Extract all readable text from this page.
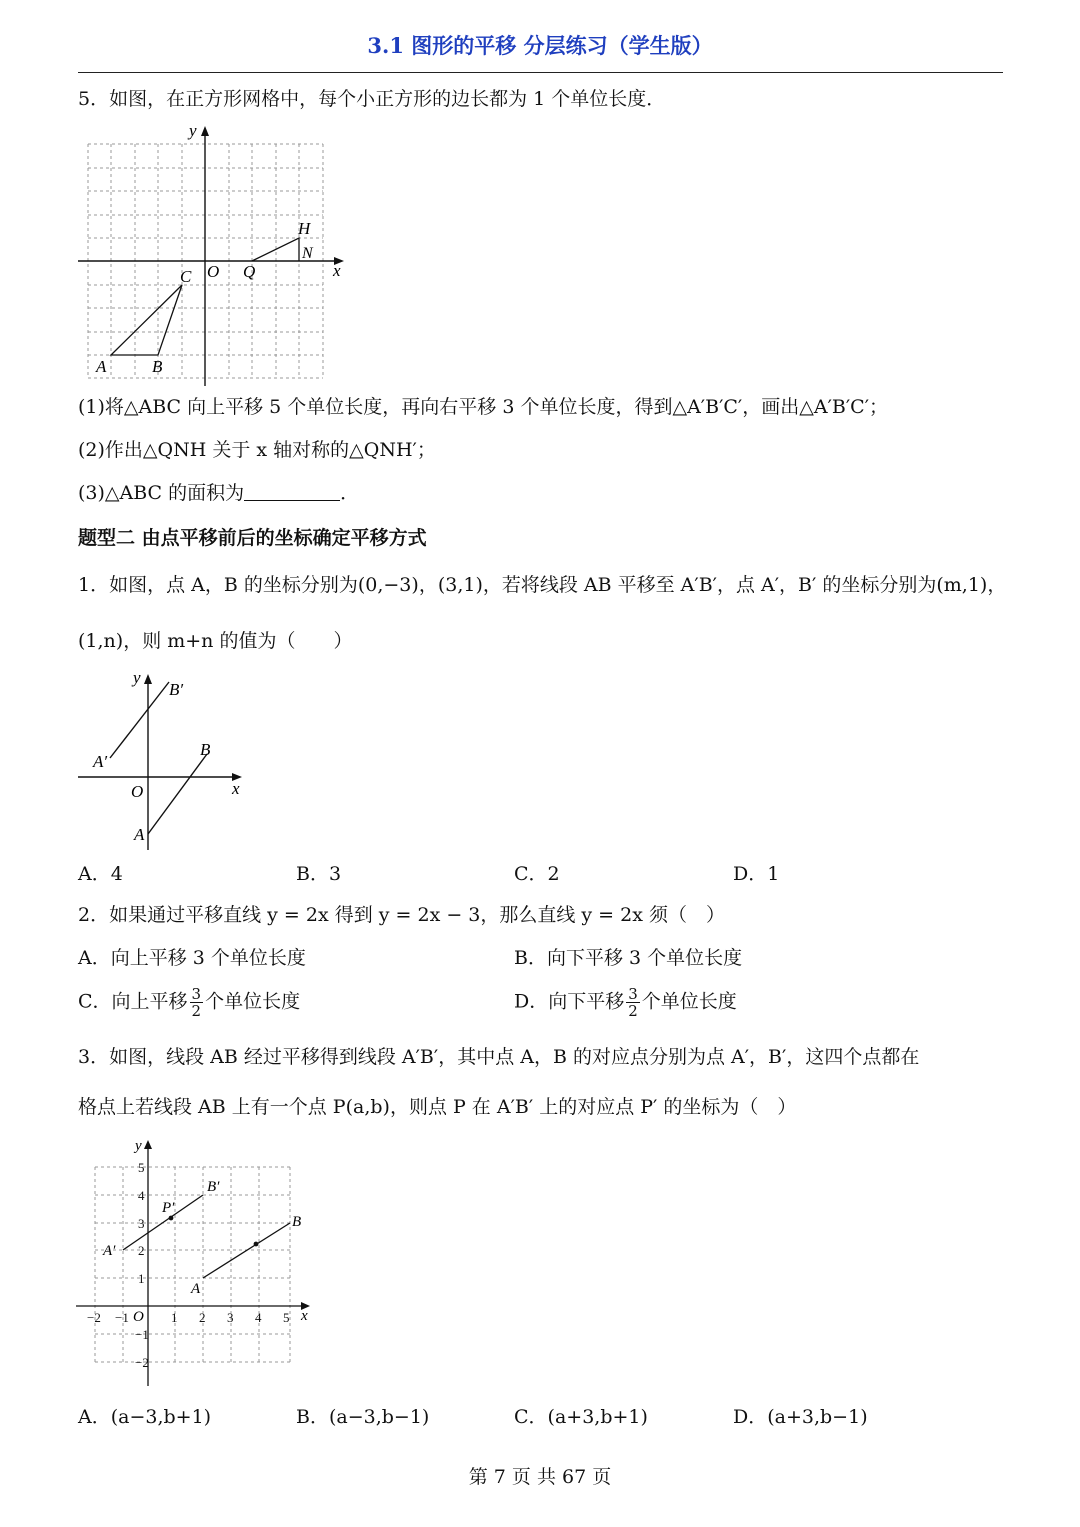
3.1 图形的平移 分层练习（学生版）
5．如图，在正方形网格中，每个小正方形的边长都为 1 个单位长度．
y
x
O Q
H
N
C
A	B
(1)将△ABC 向上平移 5 个单位长度，再向右平移 3 个单位长度，得到△A′B′C′，画出△A′B′C′；
(2)作出△QNH 关于 x 轴对称的△QNH′；
(3)△ABC 的面积为	．
题型二 由点平移前后的坐标确定平移方式
1．如图，点 A，B 的坐标分别为(0,−3)，(3,1)，若将线段 AB 平移至 A′B′，点 A′，B′ 的坐标分别为(m,1)，
(1,n)，则 m+n 的值为（　　）
y
x
O
A
B
A′
B′
A．4	B．3	C．2	D．1
2．如果通过平移直线 y = 2x 得到 y = 2x − 3，那么直线 y = 2x 须（　）
A．向上平移 3 个单位长度	B．向下平移 3 个单位长度
C．向上平移 $\frac{3}{2}$ 个单位长度	D．向下平移 $\frac{3}{2}$ 个单位长度
3．如图，线段 AB 经过平移得到线段 A′B′，其中点 A，B 的对应点分别为点 A′，B′，这四个点都在
格点上若线段 AB 上有一个点 P(a,b)，则点 P 在 A′B′ 上的对应点 P′ 的坐标为（　）
y
x
O
A
B
A′
B′
P′
−2 −1	1 2 3 4 5
5
4
3
2
1
−1
−2
A．(a−3,b+1)	B．(a−3,b−1)	C．(a+3,b+1)	D．(a+3,b−1)
第 7 页 共 67 页
